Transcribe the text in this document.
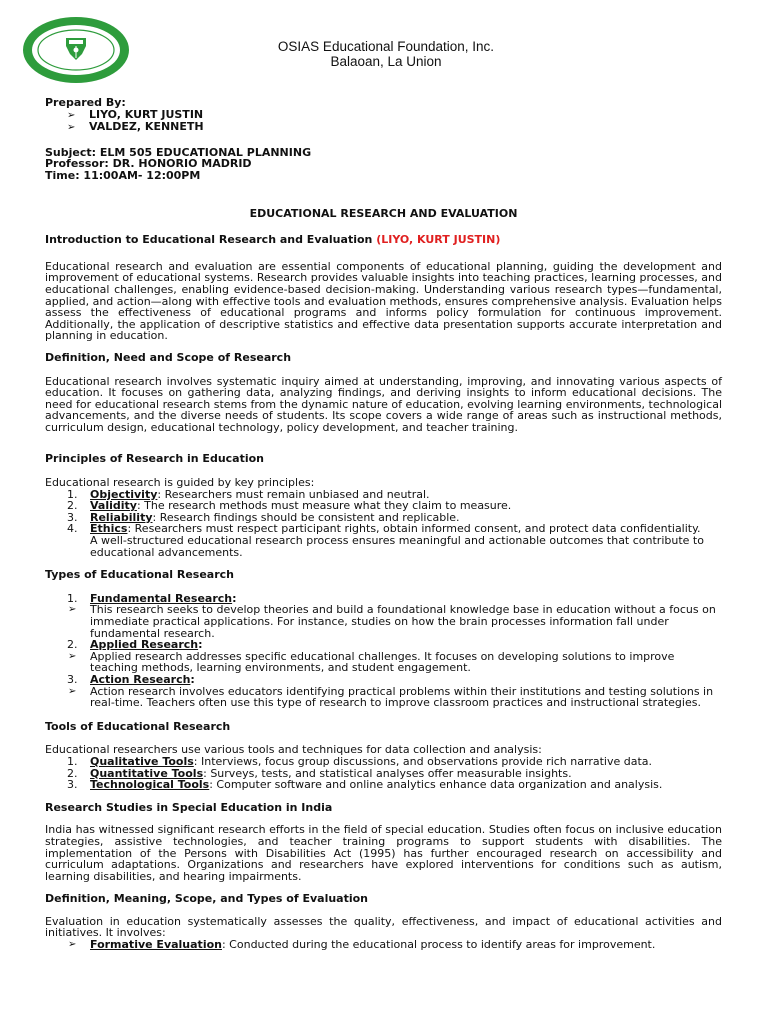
OSIAS Educational Foundation, Inc.
Balaoan, La Union
Prepared By:
➢ LIYO, KURT JUSTIN
➢ VALDEZ, KENNETH
Subject: ELM 505 EDUCATIONAL PLANNING
Professor: DR. HONORIO MADRID
Time: 11:00AM- 12:00PM
EDUCATIONAL RESEARCH AND EVALUATION
Introduction to Educational Research and Evaluation (LIYO, KURT JUSTIN)

Educational research and evaluation are essential components of educational planning, guiding the development and improvement of educational systems. Research provides valuable insights into teaching practices, learning processes, and educational challenges, enabling evidence-based decision-making. Understanding various research types—fundamental, applied, and action—along with effective tools and evaluation methods, ensures comprehensive analysis. Evaluation helps assess the effectiveness of educational programs and informs policy formulation for continuous improvement. Additionally, the application of descriptive statistics and effective data presentation supports accurate interpretation and planning in education.

Definition, Need and Scope of Research

Educational research involves systematic inquiry aimed at understanding, improving, and innovating various aspects of education. It focuses on gathering data, analyzing findings, and deriving insights to inform educational decisions. The need for educational research stems from the dynamic nature of education, evolving learning environments, technological advancements, and the diverse needs of students. Its scope covers a wide range of areas such as instructional methods, curriculum design, educational technology, policy development, and teacher training.

Principles of Research in Education
Educational research is guided by key principles:
1. Objectivity: Researchers must remain unbiased and neutral.
2. Validity: The research methods must measure what they claim to measure.
3. Reliability: Research findings should be consistent and replicable.
4. Ethics: Researchers must respect participant rights, obtain informed consent, and protect data confidentiality.
A well-structured educational research process ensures meaningful and actionable outcomes that contribute to educational advancements.
Types of Educational Research
1. Fundamental Research:
➢ This research seeks to develop theories and build a foundational knowledge base in education without a focus on immediate practical applications. For instance, studies on how the brain processes information fall under fundamental research.
2. Applied Research:
➢ Applied research addresses specific educational challenges. It focuses on developing solutions to improve teaching methods, learning environments, and student engagement.
3. Action Research:
➢ Action research involves educators identifying practical problems within their institutions and testing solutions in real-time. Teachers often use this type of research to improve classroom practices and instructional strategies.
Tools of Educational Research
Educational researchers use various tools and techniques for data collection and analysis:
1. Qualitative Tools: Interviews, focus group discussions, and observations provide rich narrative data.
2. Quantitative Tools: Surveys, tests, and statistical analyses offer measurable insights.
3. Technological Tools: Computer software and online analytics enhance data organization and analysis.
Research Studies in Special Education in India

India has witnessed significant research efforts in the field of special education. Studies often focus on inclusive education strategies, assistive technologies, and teacher training programs to support students with disabilities. The implementation of the Persons with Disabilities Act (1995) has further encouraged research on accessibility and curriculum adaptations. Organizations and researchers have explored interventions for conditions such as autism, learning disabilities, and hearing impairments.

Definition, Meaning, Scope, and Types of Evaluation

Evaluation in education systematically assesses the quality, effectiveness, and impact of educational activities and initiatives. It involves:

➢ Formative Evaluation: Conducted during the educational process to identify areas for improvement.
